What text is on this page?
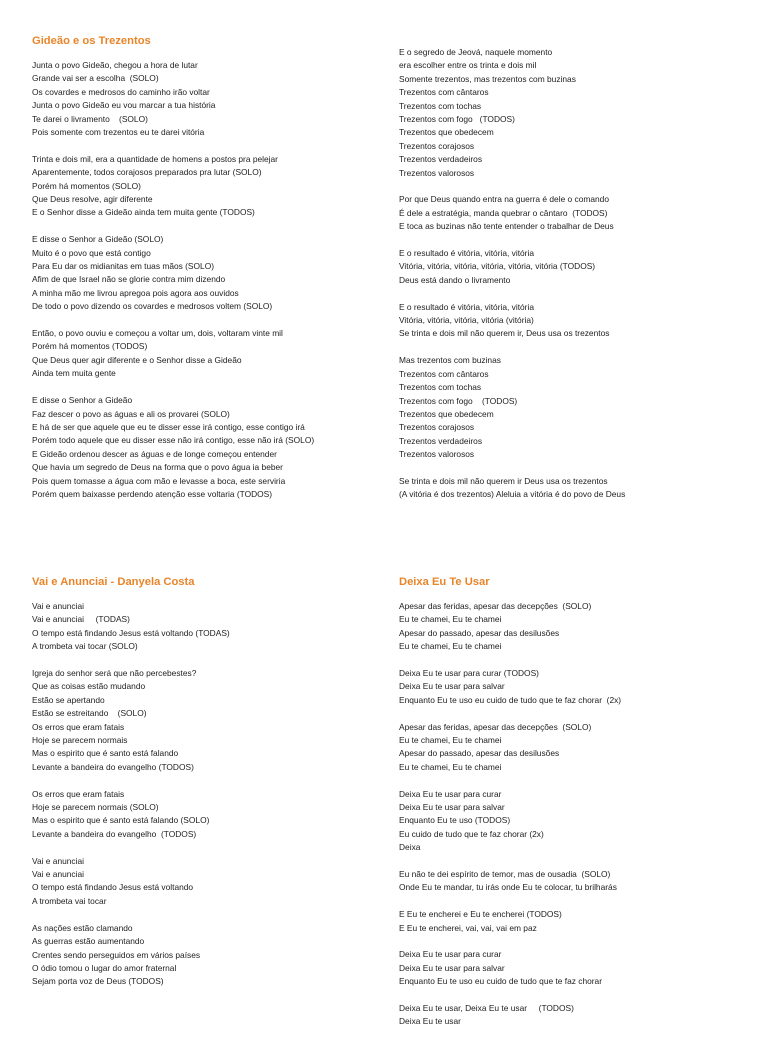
Gideão e os Trezentos
Junta o povo Gideão, chegou a hora de lutar
Grande vai ser a escolha  (SOLO)
Os covardes e medrosos do caminho irão voltar
Junta o povo Gideão eu vou marcar a tua história
Te darei o livramento    (SOLO)
Pois somente com trezentos eu te darei vitória
Trinta e dois mil, era a quantidade de homens a postos pra pelejar
Aparentemente, todos corajosos preparados pra lutar (SOLO)
Porém há momentos (SOLO)
Que Deus resolve, agir diferente
E o Senhor disse a Gideão ainda tem muita gente (TODOS)
E disse o Senhor a Gideão (SOLO)
Muito é o povo que está contigo
Para Eu dar os midianitas em tuas mãos (SOLO)
Afim de que Israel não se glorie contra mim dizendo
A minha mão me livrou apregoa pois agora aos ouvidos
De todo o povo dizendo os covardes e medrosos voltem (SOLO)
Então, o povo ouviu e começou a voltar um, dois, voltaram vinte mil
Porém há momentos (TODOS)
Que Deus quer agir diferente e o Senhor disse a Gideão
Ainda tem muita gente
E disse o Senhor a Gideão
Faz descer o povo as águas e ali os provarei (SOLO)
E há de ser que aquele que eu te disser esse irá contigo, esse contigo irá
Porém todo aquele que eu disser esse não irá contigo, esse não irá (SOLO)
E Gideão ordenou descer as águas e de longe começou entender
Que havia um segredo de Deus na forma que o povo água ia beber
Pois quem tomasse a água com mão e levasse a boca, este serviria
Porém quem baixasse perdendo atenção esse voltaria (TODOS)
E o segredo de Jeová, naquele momento
era escolher entre os trinta e dois mil
Somente trezentos, mas trezentos com buzinas
Trezentos com cântaros
Trezentos com tochas
Trezentos com fogo   (TODOS)
Trezentos que obedecem
Trezentos corajosos
Trezentos verdadeiros
Trezentos valorosos
Por que Deus quando entra na guerra é dele o comando
É dele a estratégia, manda quebrar o cântaro  (TODOS)
E toca as buzinas não tente entender o trabalhar de Deus
E o resultado é vitória, vitória, vitória
Vitória, vitória, vitória, vitória, vitória, vitória (TODOS)
Deus está dando o livramento
E o resultado é vitória, vitória, vitória
Vitória, vitória, vitória, vitória (vitória)
Se trinta e dois mil não querem ir, Deus usa os trezentos
Mas trezentos com buzinas
Trezentos com cântaros
Trezentos com tochas
Trezentos com fogo    (TODOS)
Trezentos que obedecem
Trezentos corajosos
Trezentos verdadeiros
Trezentos valorosos
Se trinta e dois mil não querem ir Deus usa os trezentos
(A vitória é dos trezentos) Aleluia a vitória é do povo de Deus
Vai e Anunciai - Danyela Costa
Vai e anunciai
Vai e anunciai     (TODAS)
O tempo está findando Jesus está voltando (TODAS)
A trombeta vai tocar (SOLO)
Igreja do senhor será que não percebestes?
Que as coisas estão mudando
Estão se apertando
Estão se estreitando    (SOLO)
Os erros que eram fatais
Hoje se parecem normais
Mas o espirito que é santo está falando
Levante a bandeira do evangelho (TODOS)
Os erros que eram fatais
Hoje se parecem normais (SOLO)
Mas o espirito que é santo está falando (SOLO)
Levante a bandeira do evangelho  (TODOS)
Vai e anunciai
Vai e anunciai
O tempo está findando Jesus está voltando
A trombeta vai tocar
As nações estão clamando
As guerras estão aumentando
Crentes sendo perseguidos em vários países
O ódio tomou o lugar do amor fraternal
Sejam porta voz de Deus (TODOS)
Deixa Eu Te Usar
Apesar das feridas, apesar das decepções  (SOLO)
Eu te chamei, Eu te chamei
Apesar do passado, apesar das desilusões
Eu te chamei, Eu te chamei
Deixa Eu te usar para curar (TODOS)
Deixa Eu te usar para salvar
Enquanto Eu te uso eu cuido de tudo que te faz chorar  (2x)
Apesar das feridas, apesar das decepções  (SOLO)
Eu te chamei, Eu te chamei
Apesar do passado, apesar das desilusões
Eu te chamei, Eu te chamei
Deixa Eu te usar para curar
Deixa Eu te usar para salvar
Enquanto Eu te uso (TODOS)
Eu cuido de tudo que te faz chorar (2x)
Deixa
Eu não te dei espírito de temor, mas de ousadia  (SOLO)
Onde Eu te mandar, tu irás onde Eu te colocar, tu brilharás
E Eu te encherei e Eu te encherei (TODOS)
E Eu te encherei, vai, vai, vai em paz
Deixa Eu te usar para curar
Deixa Eu te usar para salvar
Enquanto Eu te uso eu cuido de tudo que te faz chorar
Deixa Eu te usar, Deixa Eu te usar     (TODOS)
Deixa Eu te usar
